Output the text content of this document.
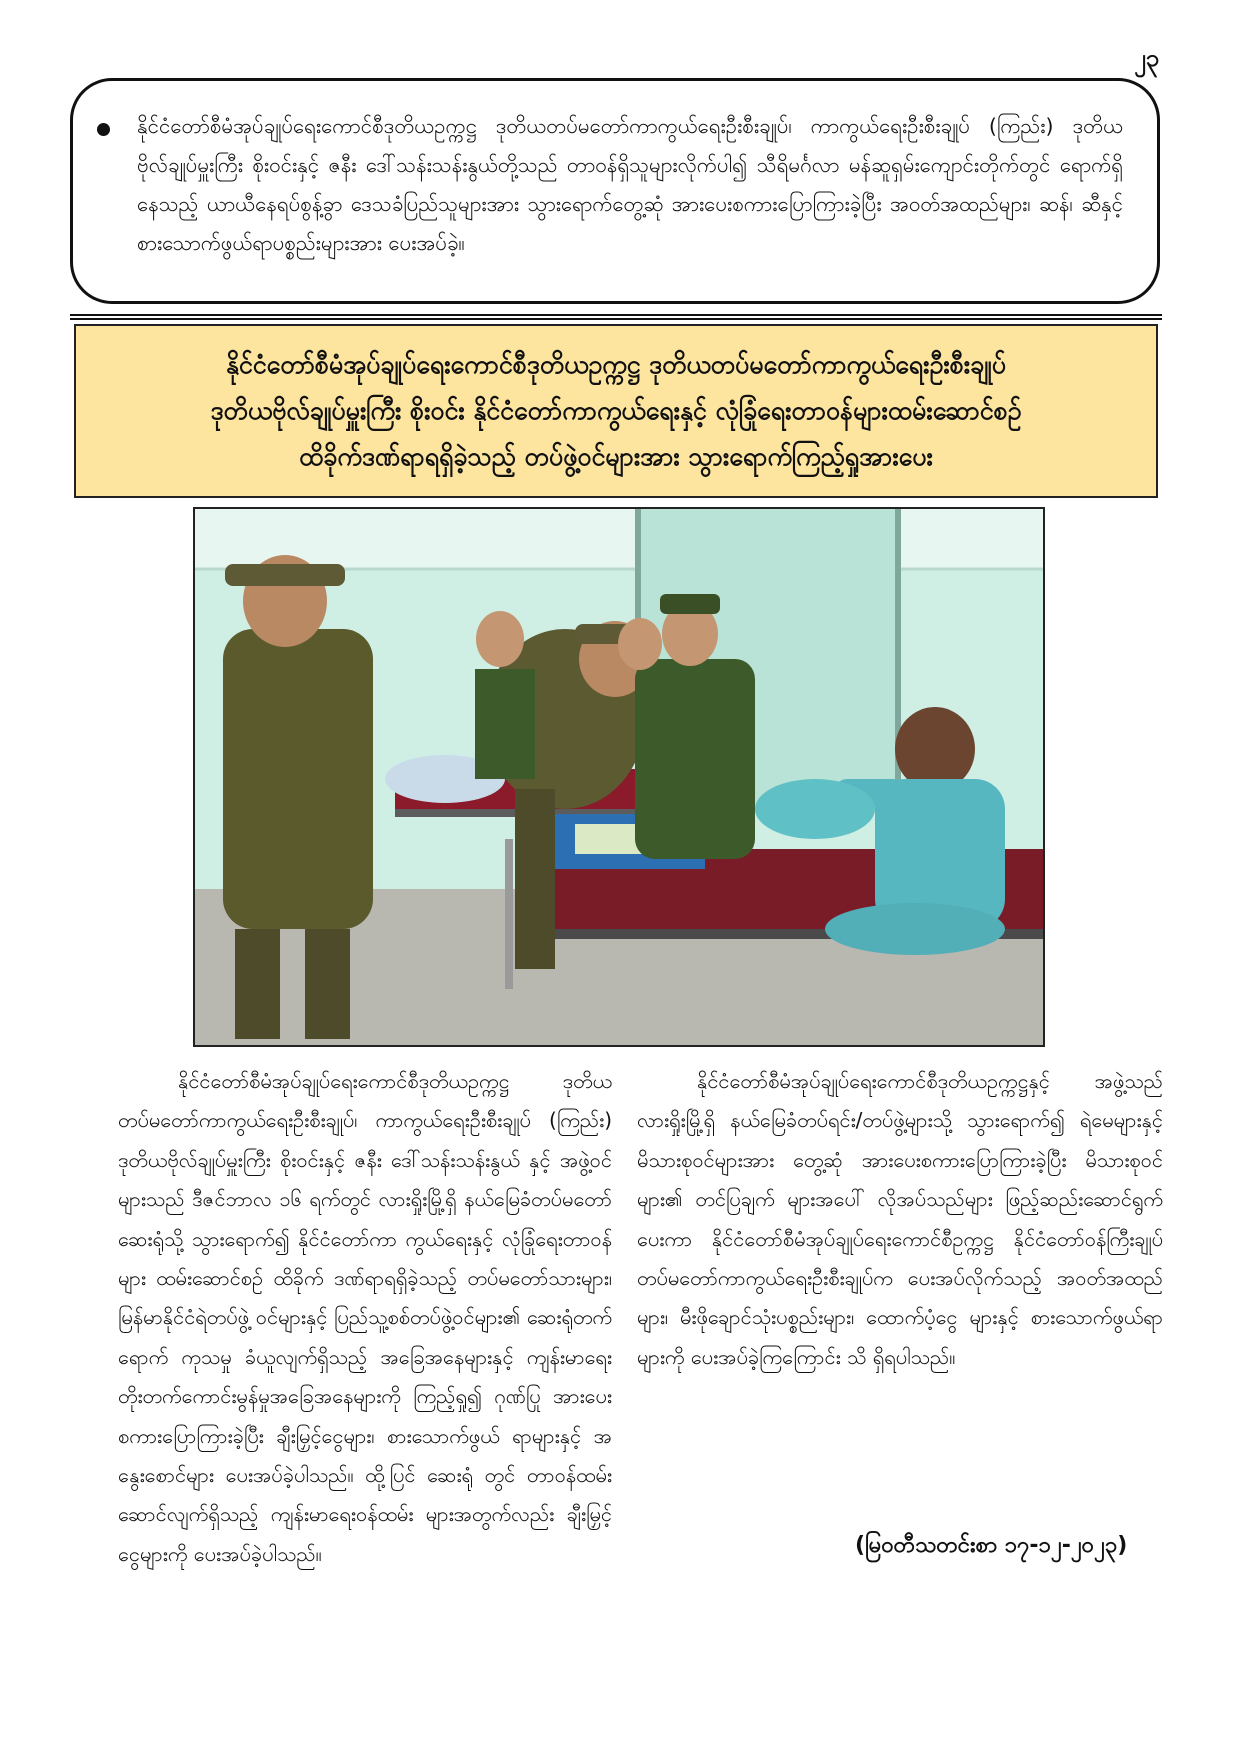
၂၃
နိုင်ငံတော်စီမံအုပ်ချုပ်ရေးကောင်စီဒုတိယဥက္ကဋ္ဌ ဒုတိယတပ်မတော်ကာကွယ်ရေးဦးစီးချုပ်၊ ကာကွယ်ရေးဦးစီးချုပ် (ကြည်း) ဒုတိယဗိုလ်ချုပ်မှူးကြီး စိုးဝင်းနှင့် ဇနီး ဒေါ်သန်းသန်းနွယ်တို့သည် တာဝန်ရှိသူများလိုက်ပါ၍ သီရိမင်္ဂလာ မန်ဆူရှမ်းကျောင်းတိုက်တွင် ရောက်ရှိနေသည့် ယာယီနေရပ်စွန့်ခွာ ဒေသခံပြည်သူများအား သွားရောက်တွေ့ဆုံ အားပေးစကားပြောကြားခဲ့ပြီး အဝတ်အထည်များ၊ ဆန်၊ ဆီနှင့် စားသောက်ဖွယ်ရာပစ္စည်းများအား ပေးအပ်ခဲ့။
နိုင်ငံတော်စီမံအုပ်ချုပ်ရေးကောင်စီဒုတိယဥက္ကဋ္ဌ ဒုတိယတပ်မတော်ကာကွယ်ရေးဦးစီးချုပ်
ဒုတိယဗိုလ်ချုပ်မှူးကြီး စိုးဝင်း နိုင်ငံတော်ကာကွယ်ရေးနှင့် လုံခြုံရေးတာဝန်များထမ်းဆောင်စဉ်
ထိခိုက်ဒဏ်ရာရရှိခဲ့သည့် တပ်ဖွဲ့ဝင်များအား သွားရောက်ကြည့်ရှုအားပေး

နိုင်ငံတော်စီမံအုပ်ချုပ်ရေးကောင်စီဒုတိယဥက္ကဋ္ဌ ဒုတိယ တပ်မတော်ကာကွယ်ရေးဦးစီးချုပ်၊ ကာကွယ်ရေးဦးစီးချုပ် (ကြည်း) ဒုတိယဗိုလ်ချုပ်မှူးကြီး စိုးဝင်းနှင့် ဇနီး ဒေါ်သန်းသန်းနွယ် နှင့် အဖွဲ့ဝင်များသည် ဒီဇင်ဘာလ ၁၆ ရက်တွင် လားရှိုးမြို့ရှိ နယ်မြေခံတပ်မတော်ဆေးရုံသို့ သွားရောက်၍ နိုင်ငံတော်ကာ ကွယ်ရေးနှင့် လုံခြုံရေးတာဝန်များ ထမ်းဆောင်စဉ် ထိခိုက် ဒဏ်ရာရရှိခဲ့သည့် တပ်မတော်သားများ၊ မြန်မာနိုင်ငံရဲတပ်ဖွဲ့ ဝင်များနှင့် ပြည်သူ့စစ်တပ်ဖွဲ့ဝင်များ၏ ဆေးရုံတက်ရောက် ကုသမှု ခံယူလျက်ရှိသည့် အခြေအနေများနှင့် ကျန်းမာရေး တိုးတက်ကောင်းမွန်မှုအခြေအနေများကို ကြည့်ရှု၍ ဂုဏ်ပြု အားပေးစကားပြောကြားခဲ့ပြီး ချီးမြှင့်ငွေများ၊ စားသောက်ဖွယ် ရာများနှင့် အနွေးစောင်များ ပေးအပ်ခဲ့ပါသည်။ ထို့ပြင် ဆေးရုံ တွင် တာဝန်ထမ်းဆောင်လျက်ရှိသည့် ကျန်းမာရေးဝန်ထမ်း များအတွက်လည်း ချီးမြှင့်ငွေများကို ပေးအပ်ခဲ့ပါသည်။

နိုင်ငံတော်စီမံအုပ်ချုပ်ရေးကောင်စီဒုတိယဥက္ကဋ္ဌနှင့် အဖွဲ့သည် လားရှိုးမြို့ရှိ နယ်မြေခံတပ်ရင်း/တပ်ဖွဲ့များသို့ သွားရောက်၍ ရဲမေများနှင့် မိသားစုဝင်များအား တွေ့ဆုံ အားပေးစကားပြောကြားခဲ့ပြီး မိသားစုဝင်များ၏ တင်ပြချက် များအပေါ် လိုအပ်သည်များ ဖြည့်ဆည်းဆောင်ရွက်ပေးကာ နိုင်ငံတော်စီမံအုပ်ချုပ်ရေးကောင်စီဥက္ကဋ္ဌ နိုင်ငံတော်ဝန်ကြီးချုပ် တပ်မတော်ကာကွယ်ရေးဦးစီးချုပ်က ပေးအပ်လိုက်သည့် အဝတ်အထည်များ၊ မီးဖိုချောင်သုံးပစ္စည်းများ၊ ထောက်ပံ့ငွေ များနှင့် စားသောက်ဖွယ်ရာများကို ပေးအပ်ခဲ့ကြကြောင်း သိ ရှိရပါသည်။

(မြဝတီသတင်းစာ ၁၇-၁၂-၂၀၂၃)
